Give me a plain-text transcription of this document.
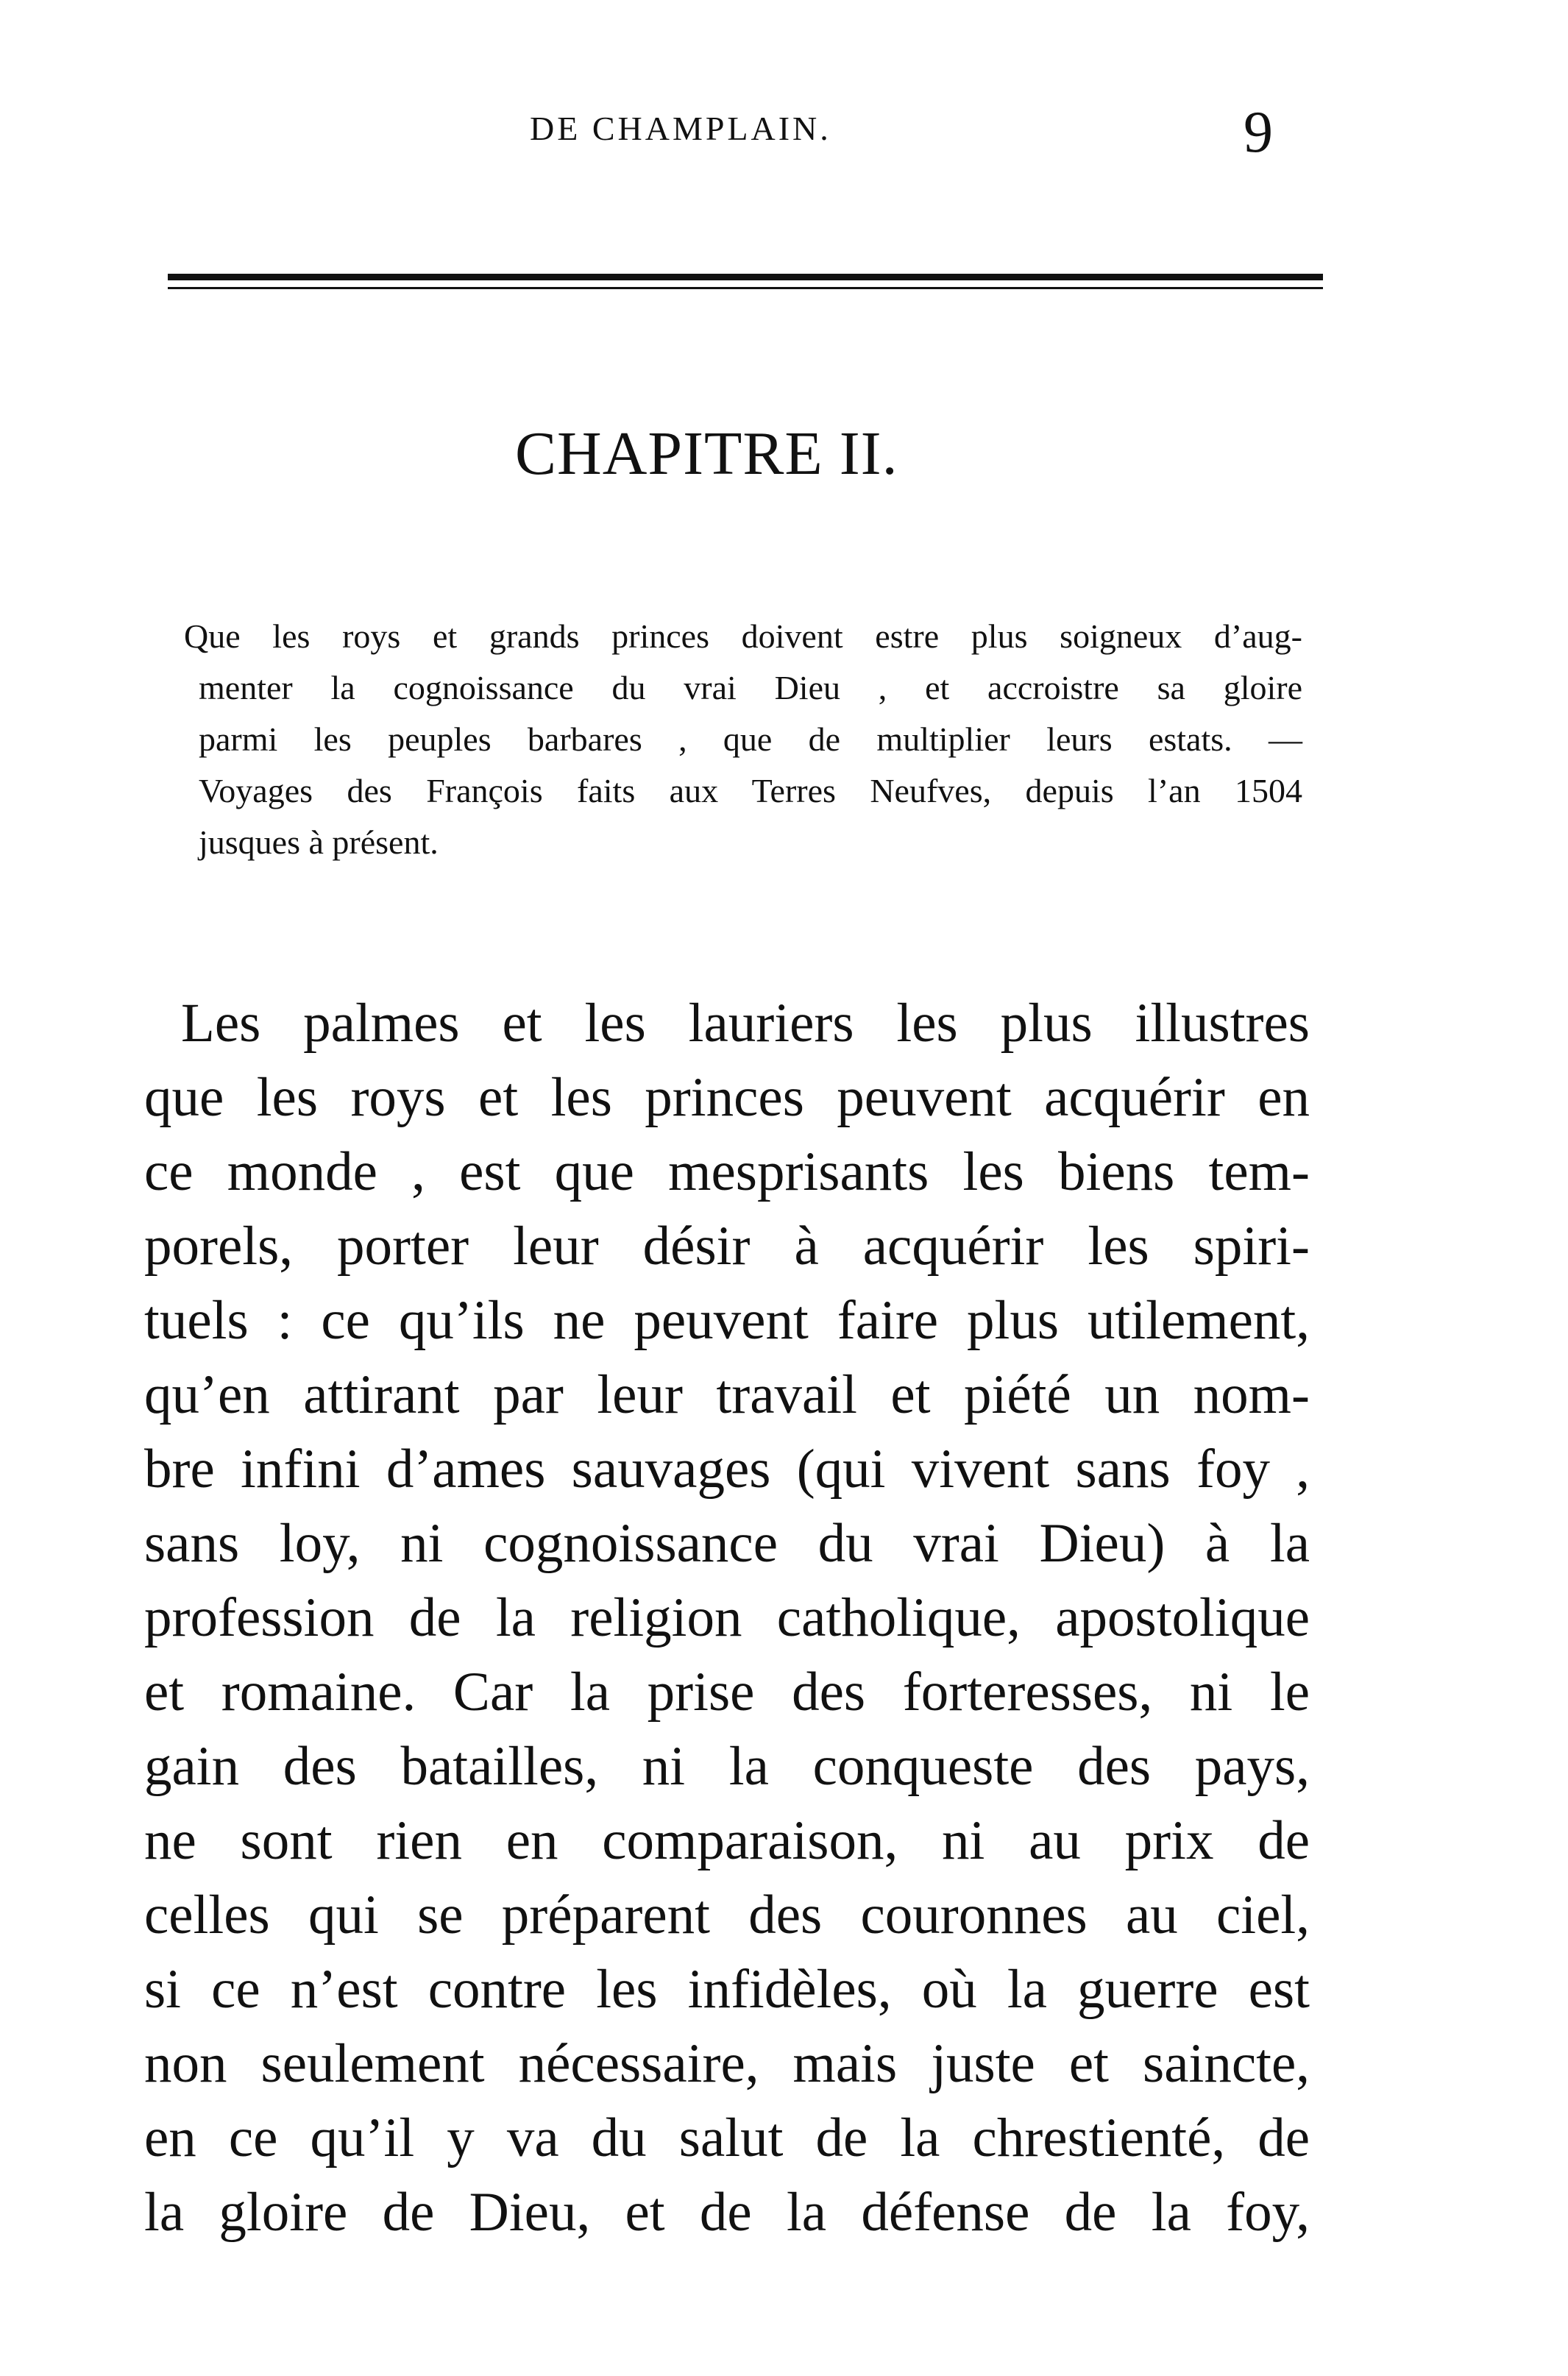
DE CHAMPLAIN.	9
CHAPITRE II.
Que les roys et grands princes doivent estre plus soigneux d’aug-
menter la cognoissance du vrai Dieu , et accroistre sa gloire
parmi les peuples barbares , que de multiplier leurs estats. —
Voyages des François faits aux Terres Neufves, depuis l’an 1504
jusques à présent.
Les palmes et les lauriers les plus illustres
que les roys et les princes peuvent acquérir en
ce monde , est que mesprisants les biens tem-
porels, porter leur désir à acquérir les spiri-
tuels : ce qu’ils ne peuvent faire plus utilement,
qu’en attirant par leur travail et piété un nom-
bre infini d’ames sauvages (qui vivent sans foy ,
sans loy, ni cognoissance du vrai Dieu) à la
profession de la religion catholique, apostolique
et romaine. Car la prise des forteresses, ni le
gain des batailles, ni la conqueste des pays,
ne sont rien en comparaison, ni au prix de
celles qui se préparent des couronnes au ciel,
si ce n’est contre les infidèles, où la guerre est
non seulement nécessaire, mais juste et saincte,
en ce qu’il y va du salut de la chrestienté, de
la gloire de Dieu, et de la défense de la foy,
